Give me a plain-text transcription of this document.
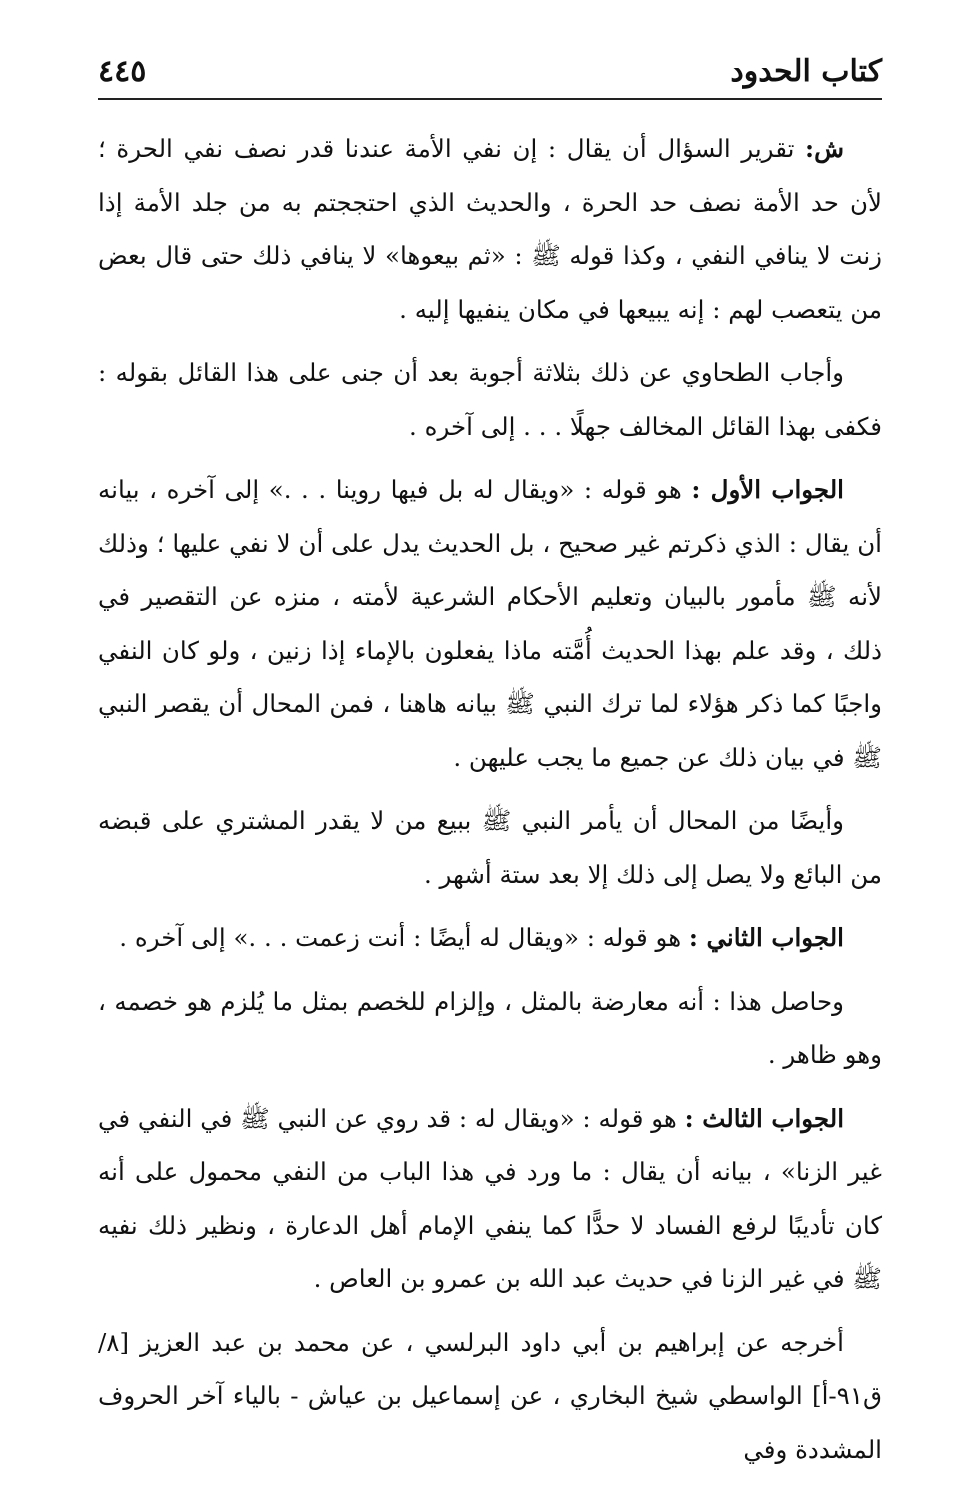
كتاب الحدود
٤٤٥

ش: تقرير السؤال أن يقال : إن نفي الأمة عندنا قدر نصف نفي الحرة ؛ لأن حد الأمة نصف حد الحرة ، والحديث الذي احتججتم به من جلد الأمة إذا زنت لا ينافي النفي ، وكذا قوله ﷺ : «ثم بيعوها» لا ينافي ذلك حتى قال بعض من يتعصب لهم : إنه يبيعها في مكان ينفيها إليه .

وأجاب الطحاوي عن ذلك بثلاثة أجوبة بعد أن جنى على هذا القائل بقوله : فكفى بهذا القائل المخالف جهلًا . . . إلى آخره .

الجواب الأول : هو قوله : «ويقال له بل فيها روينا . . .» إلى آخره ، بيانه أن يقال : الذي ذكرتم غير صحيح ، بل الحديث يدل على أن لا نفي عليها ؛ وذلك لأنه ﷺ مأمور بالبيان وتعليم الأحكام الشرعية لأمته ، منزه عن التقصير في ذلك ، وقد علم بهذا الحديث أُمَّته ماذا يفعلون بالإماء إذا زنين ، ولو كان النفي واجبًا كما ذكر هؤلاء لما ترك النبي ﷺ بيانه هاهنا ، فمن المحال أن يقصر النبي ﷺ في بيان ذلك عن جميع ما يجب عليهن .

وأيضًا من المحال أن يأمر النبي ﷺ ببيع من لا يقدر المشتري على قبضه من البائع ولا يصل إلى ذلك إلا بعد ستة أشهر .

الجواب الثاني : هو قوله : «ويقال له أيضًا : أنت زعمت . . .» إلى آخره .

وحاصل هذا : أنه معارضة بالمثل ، وإلزام للخصم بمثل ما يُلزم هو خصمه ، وهو ظاهر .

الجواب الثالث : هو قوله : «ويقال له : قد روي عن النبي ﷺ في النفي في غير الزنا» ، بيانه أن يقال : ما ورد في هذا الباب من النفي محمول على أنه كان تأديبًا لرفع الفساد لا حدًّا كما ينفي الإمام أهل الدعارة ، ونظير ذلك نفيه ﷺ في غير الزنا في حديث عبد الله بن عمرو بن العاص .

أخرجه عن إبراهيم بن أبي داود البرلسي ، عن محمد بن عبد العزيز [٨/ ق٩١-أ] الواسطي شيخ البخاري ، عن إسماعيل بن عياش - بالياء آخر الحروف المشددة وفي
